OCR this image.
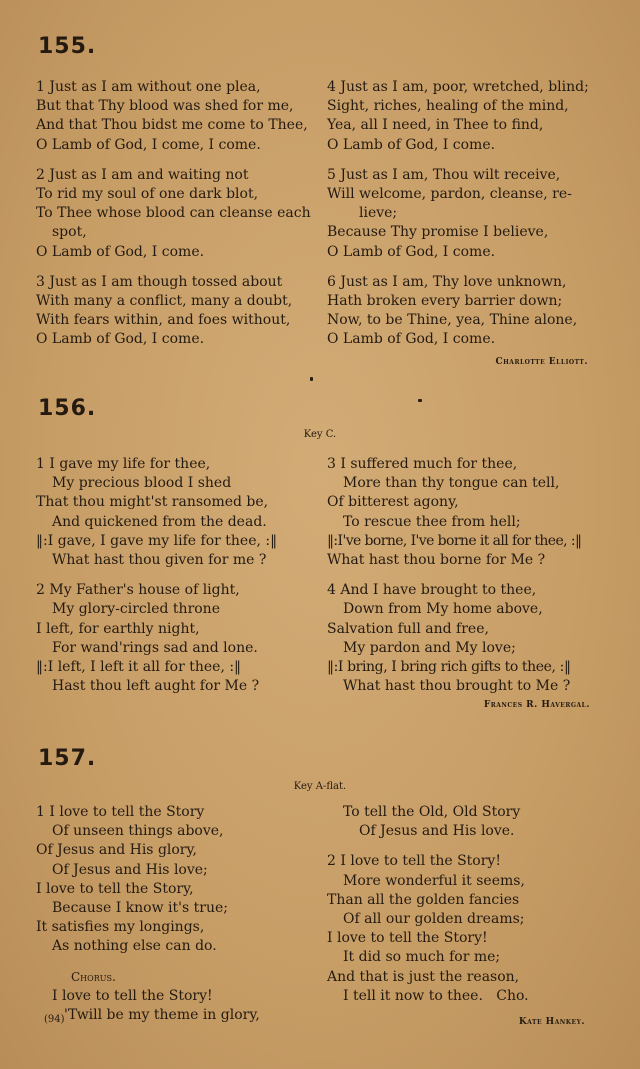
155.
1 Just as I am without one plea,
But that Thy blood was shed for me,
And that Thou bidst me come to Thee,
O Lamb of God, I come, I come.
2 Just as I am and waiting not
To rid my soul of one dark blot,
To Thee whose blood can cleanse each
spot,
O Lamb of God, I come.
3 Just as I am though tossed about
With many a conflict, many a doubt,
With fears within, and foes without,
O Lamb of God, I come.
4 Just as I am, poor, wretched, blind;
Sight, riches, healing of the mind,
Yea, all I need, in Thee to find,
O Lamb of God, I come.
5 Just as I am, Thou wilt receive,
Will welcome, pardon, cleanse, re-
lieve;
Because Thy promise I believe,
O Lamb of God, I come.
6 Just as I am, Thy love unknown,
Hath broken every barrier down;
Now, to be Thine, yea, Thine alone,
O Lamb of God, I come.
Charlotte Elliott.
156.
Key C.
1 I gave my life for thee,
My precious blood I shed
That thou might'st ransomed be,
And quickened from the dead.
‖:I gave, I gave my life for thee, :‖
What hast thou given for me ?
2 My Father's house of light,
My glory-circled throne
I left, for earthly night,
For wand'rings sad and lone.
‖:I left, I left it all for thee, :‖
Hast thou left aught for Me ?
3 I suffered much for thee,
More than thy tongue can tell,
Of bitterest agony,
To rescue thee from hell;
‖:I've borne, I've borne it all for thee, :‖
What hast thou borne for Me ?
4 And I have brought to thee,
Down from My home above,
Salvation full and free,
My pardon and My love;
‖:I bring, I bring rich gifts to thee, :‖
What hast thou brought to Me ?
Frances R. Havergal.
157.
Key A-flat.
1 I love to tell the Story
Of unseen things above,
Of Jesus and His glory,
Of Jesus and His love;
I love to tell the Story,
Because I know it's true;
It satisfies my longings,
As nothing else can do.
Chorus.
I love to tell the Story!
'Twill be my theme in glory,
To tell the Old, Old Story
Of Jesus and His love.
2 I love to tell the Story!
More wonderful it seems,
Than all the golden fancies
Of all our golden dreams;
I love to tell the Story!
It did so much for me;
And that is just the reason,
I tell it now to thee.   Cho.
(94)	Kate Hankey.
